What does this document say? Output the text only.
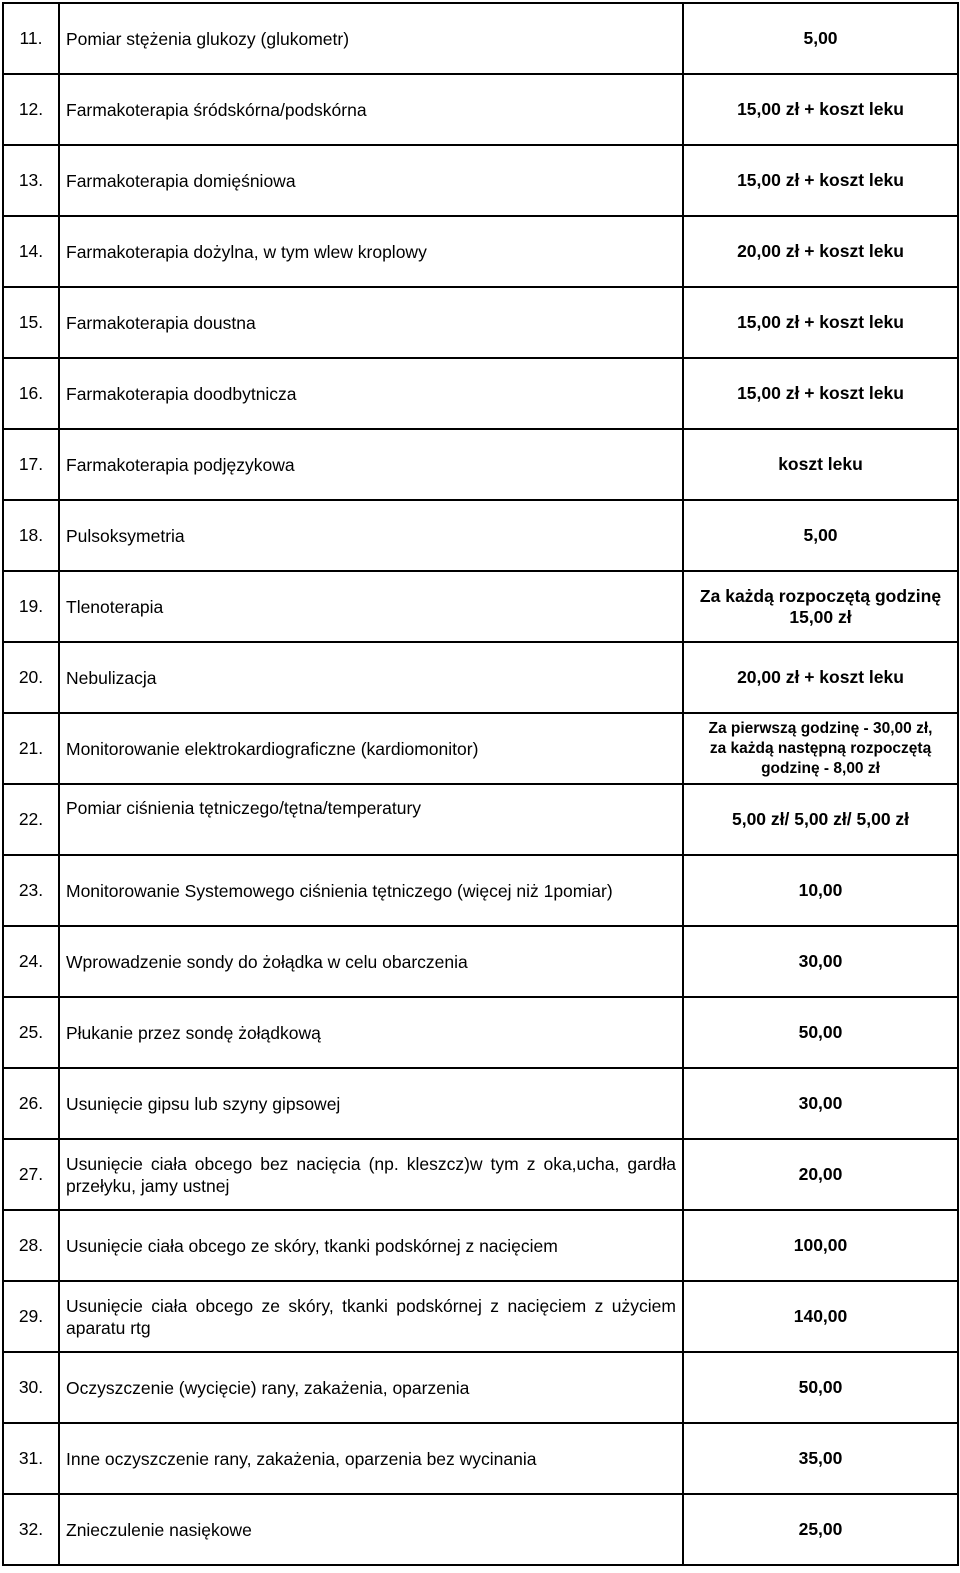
11.	Pomiar stężenia glukozy (glukometr)	5,00
12.	Farmakoterapia śródskórna/podskórna	15,00 zł + koszt leku
13.	Farmakoterapia domięśniowa	15,00 zł + koszt leku
14.	Farmakoterapia dożylna, w tym wlew kroplowy	20,00 zł + koszt leku
15.	Farmakoterapia doustna	15,00 zł + koszt leku
16.	Farmakoterapia doodbytnicza	15,00 zł + koszt leku
17.	Farmakoterapia podjęzykowa	koszt leku
18.	Pulsoksymetria	5,00
19.	Tlenoterapia	Za każdą rozpoczętą godzinę
15,00 zł
20.	Nebulizacja	20,00 zł + koszt leku
21.	Monitorowanie elektrokardiograficzne (kardiomonitor)	Za pierwszą godzinę - 30,00 zł,
za każdą następną rozpoczętą
godzinę - 8,00 zł
22.	Pomiar ciśnienia tętniczego/tętna/temperatury	5,00 zł/ 5,00 zł/ 5,00 zł
23.	Monitorowanie Systemowego ciśnienia tętniczego (więcej niż 1pomiar)	10,00
24.	Wprowadzenie sondy do żołądka w celu obarczenia	30,00
25.	Płukanie przez sondę żołądkową	50,00
26.	Usunięcie gipsu lub szyny gipsowej	30,00
27.	Usunięcie ciała obcego bez nacięcia (np. kleszcz)w tym z oka,ucha, gardła przełyku, jamy ustnej	20,00
28.	Usunięcie ciała obcego ze skóry, tkanki podskórnej z nacięciem	100,00
29.	Usunięcie ciała obcego ze skóry, tkanki podskórnej z nacięciem z użyciem aparatu rtg	140,00
30.	Oczyszczenie (wycięcie) rany, zakażenia, oparzenia	50,00
31.	Inne oczyszczenie rany, zakażenia, oparzenia bez wycinania	35,00
32.	Znieczulenie nasiękowe	25,00
